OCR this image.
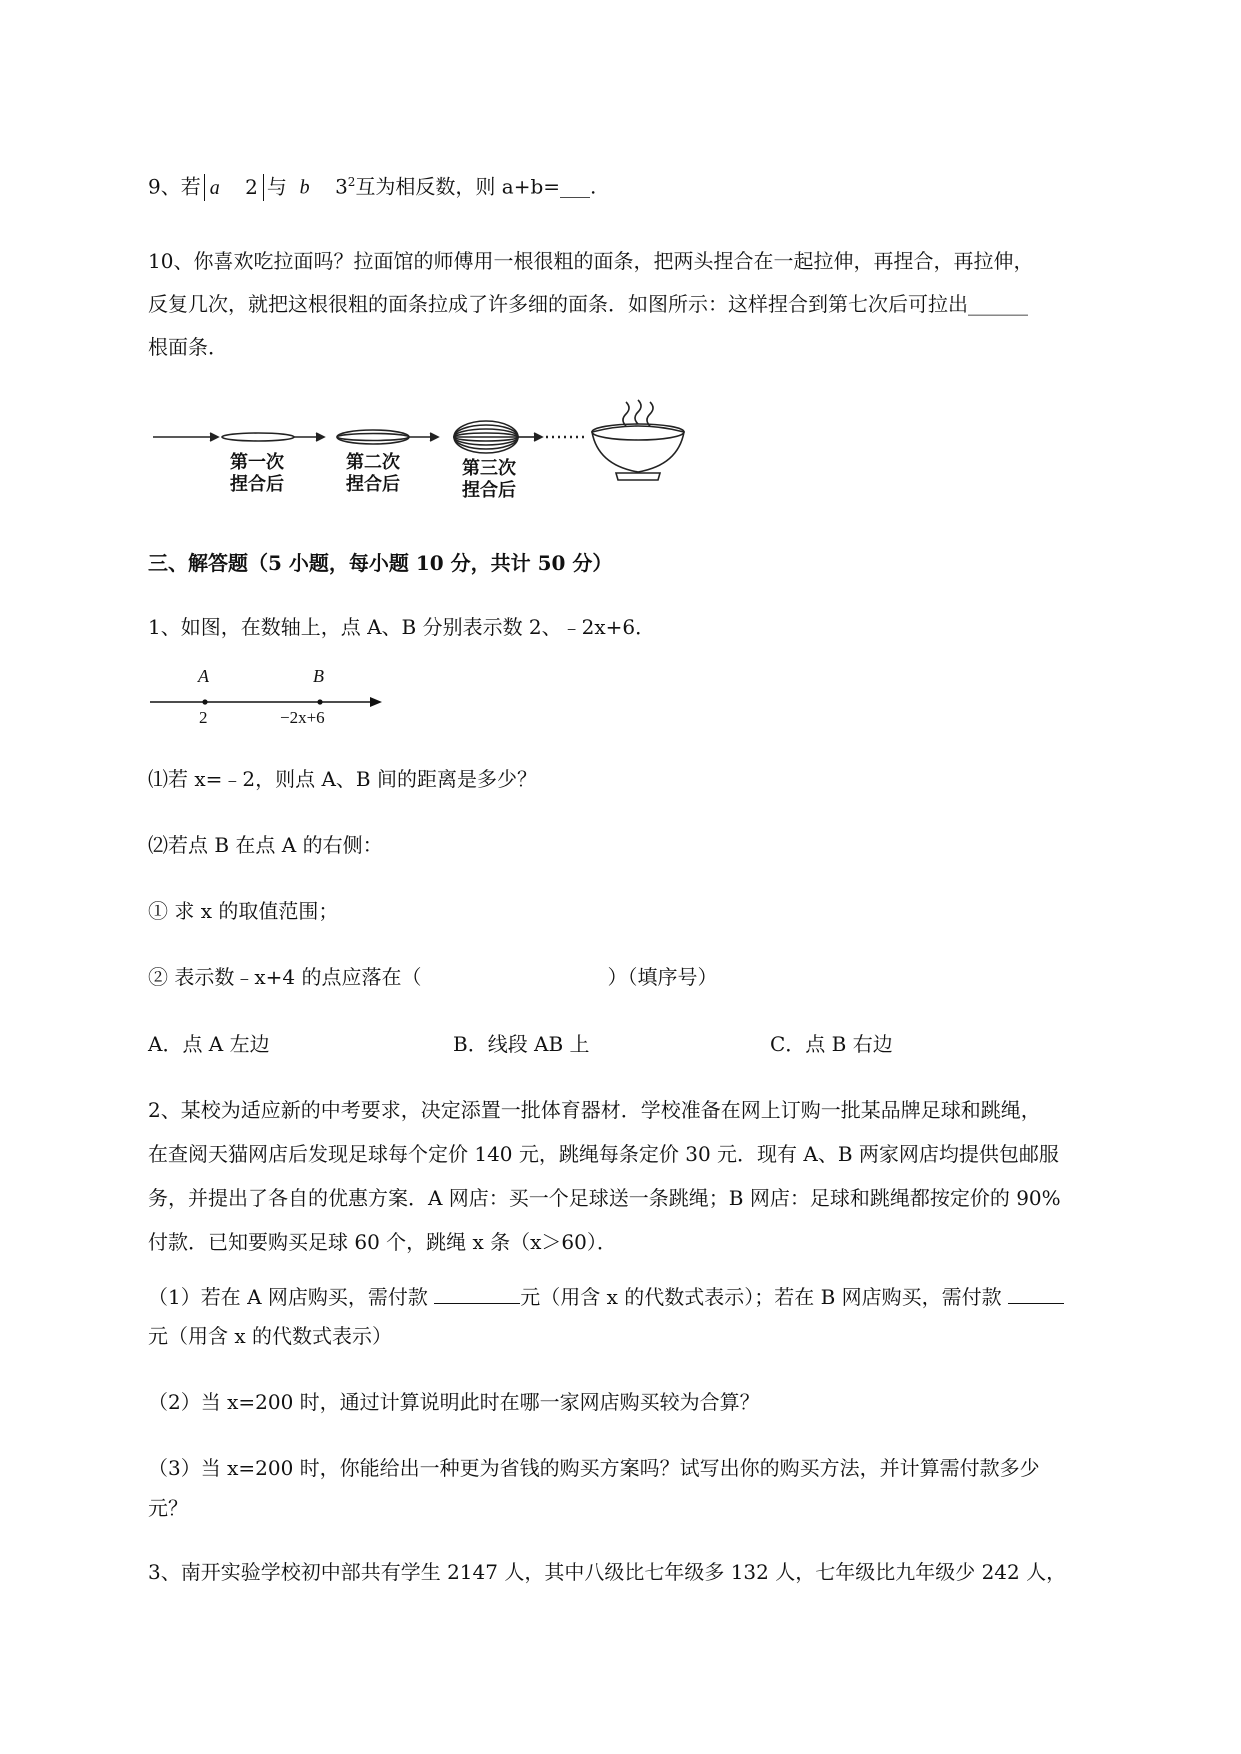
9、若 a 2 与 b $3^2$互为相反数，则 a+b=___.
10、你喜欢吃拉面吗？拉面馆的师傅用一根很粗的面条，把两头捏合在一起拉伸，再捏合，再拉伸，
反复几次，就把这根很粗的面条拉成了许多细的面条．如图所示：这样捏合到第七次后可拉出______
根面条．
第一次
捏合后
第二次
捏合后
第三次
捏合后
三、解答题（5 小题，每小题 10 分，共计 50 分）
1、如图，在数轴上，点 A、B 分别表示数 2、﹣2x+6．
A	B
2	−2x+6
⑴若 x=﹣2，则点 A、B 间的距离是多少？
⑵若点 B 在点 A 的右侧：
① 求 x 的取值范围；
② 表示数﹣x+4 的点应落在（	）（填序号）
A．点 A 左边	B．线段 AB 上	C．点 B 右边
2、某校为适应新的中考要求，决定添置一批体育器材．学校准备在网上订购一批某品牌足球和跳绳，
在查阅天猫网店后发现足球每个定价 140 元，跳绳每条定价 30 元．现有 A、B 两家网店均提供包邮服
务，并提出了各自的优惠方案．A 网店：买一个足球送一条跳绳；B 网店：足球和跳绳都按定价的 90%
付款．已知要购买足球 60 个，跳绳 x 条（x＞60）．
（1）若在 A 网店购买，需付款	元（用含 x 的代数式表示）；若在 B 网店购买，需付款
元（用含 x 的代数式表示）
（2）当 x=200 时，通过计算说明此时在哪一家网店购买较为合算？
（3）当 x=200 时，你能给出一种更为省钱的购买方案吗？试写出你的购买方法，并计算需付款多少
元？
3、南开实验学校初中部共有学生 2147 人，其中八级比七年级多 132 人，七年级比九年级少 242 人，
